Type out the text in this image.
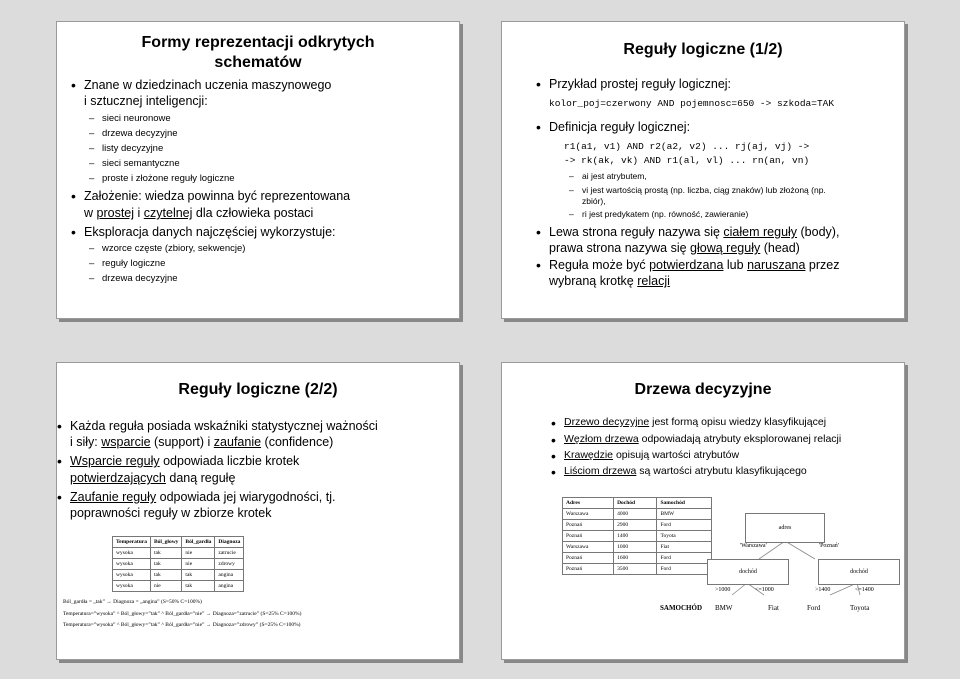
Formy reprezentacji odkrytych
schematów
• Znane w dziedzinach uczenia maszynowego
i sztucznej inteligencji:
– sieci neuronowe
– drzewa decyzyjne
– listy decyzyjne
– sieci semantyczne
– proste i złożone reguły logiczne
• Założenie: wiedza powinna być reprezentowana
w prostej i czytelnej dla człowieka postaci
• Eksploracja danych najczęściej wykorzystuje:
– wzorce częste (zbiory, sekwencje)
– reguły logiczne
– drzewa decyzyjne
Reguły logiczne (1/2)
• Przykład prostej reguły logicznej:
kolor_poj=czerwony AND pojemnosc=650 -> szkoda=TAK
• Definicja reguły logicznej:
r1(a1, v1) AND r2(a2, v2) ... rj(aj, vj) ->
-> rk(ak, vk) AND r1(al, vl) ... rn(an, vn)
– ai jest atrybutem,
– vi jest wartością prostą (np. liczba, ciąg znaków) lub złożoną (np.
zbiór),
– ri jest predykatem (np. równość, zawieranie)
• Lewa strona reguły nazywa się ciałem reguły (body),
prawa strona nazywa się głową reguły (head)
• Reguła może być potwierdzana lub naruszana przez
wybraną krotkę relacji
Reguły logiczne (2/2)
• Każda reguła posiada wskaźniki statystycznej ważności
i siły: wsparcie (support) i zaufanie (confidence)
• Wsparcie reguły odpowiada liczbie krotek
potwierdzających daną regułę
• Zaufanie reguły odpowiada jej wiarygodności, tj.
poprawności reguły w zbiorze krotek
Temperatura	Ból_głowy	Ból_gardła	Diagnoza
wysoka	tak	nie	zatrucie
wysoka	tak	nie	zdrowy
wysoka	tak	tak	angina
wysoka	nie	tak	angina
Ból_gardła = „tak” → Diagnoza = „angina” (S=50% C=100%)
Temperatura=”wysoka” ^ Ból_głowy=”tak” ^ Ból_gardła=”nie” → Diagnoza=”zatrucie” (S=25% C=100%)
Temperatura=”wysoka” ^ Ból_głowy=”tak” ^ Ból_gardła=”nie” → Diagnoza=”zdrowy” (S=25% C=100%)
Drzewa decyzyjne
• Drzewo decyzyjne jest formą opisu wiedzy klasyfikującej
• Węzłom drzewa odpowiadają atrybuty eksplorowanej relacji
• Krawędzie opisują wartości atrybutów
• Liściom drzewa są wartości atrybutu klasyfikującego
Adres	Dochód	Samochód
Warszawa	4000	BMW
Poznań	2900	Ford
Poznań	1400	Toyota
Warszawa	1000	Fiat
Poznań	1600	Ford
Poznań	3500	Ford
adres
'Warszawa'	'Poznań'
dochód	dochód
>1000	<=1000	>1400	<=1400
SAMOCHÓD BMW	Fiat	Ford	Toyota
